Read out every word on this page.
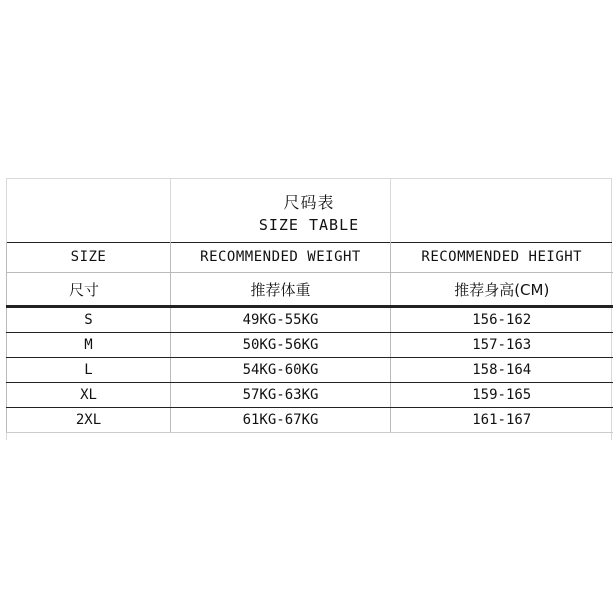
尺码表
SIZE TABLE
SIZE	RECOMMENDED WEIGHT	RECOMMENDED HEIGHT
尺寸	推荐体重	推荐身高(CM)
S	49KG-55KG	156-162
M	50KG-56KG	157-163
L	54KG-60KG	158-164
XL	57KG-63KG	159-165
2XL	61KG-67KG	161-167
